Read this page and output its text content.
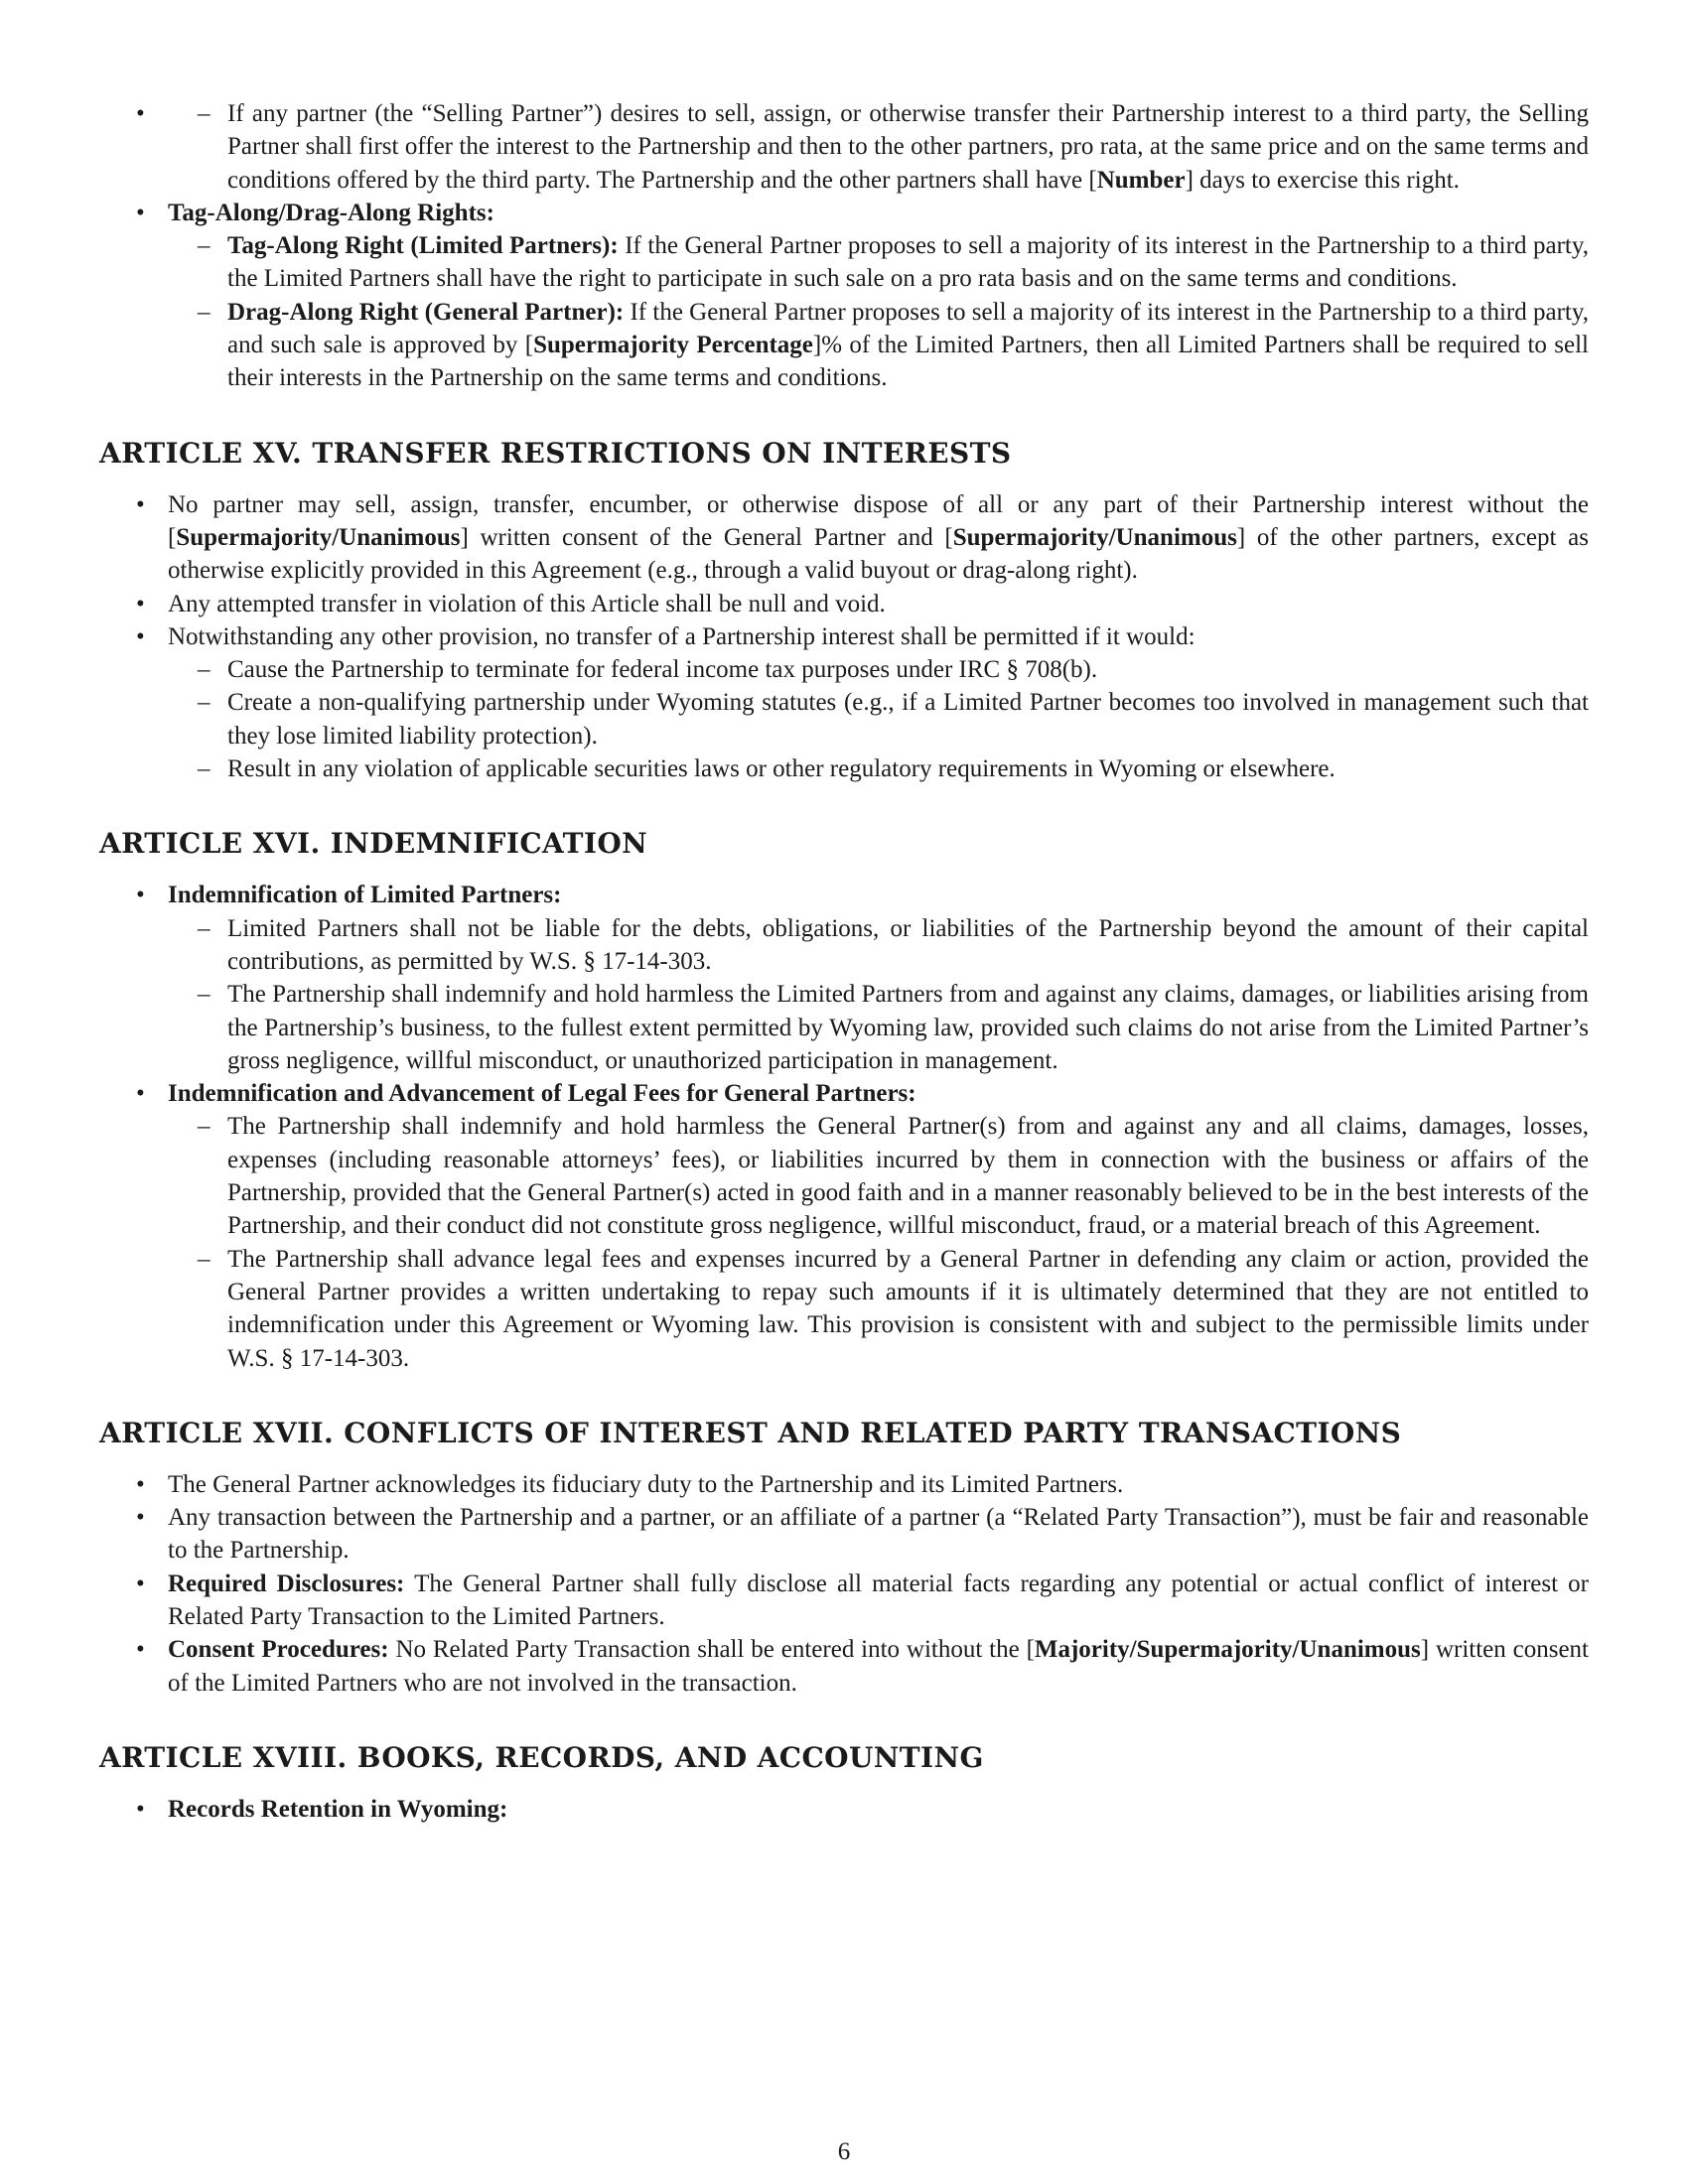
– • If any partner (the “Selling Partner”) desires to sell, assign, or otherwise transfer their Partnership interest to a third party, the Selling Partner shall first offer the interest to the Partnership and then to the other partners, pro rata, at the same price and on the same terms and conditions offered by the third party. The Partnership and the other partners shall have [Number] days to exercise this right.
• Tag-Along/Drag-Along Rights:
– Tag-Along Right (Limited Partners): If the General Partner proposes to sell a majority of its interest in the Partnership to a third party, the Limited Partners shall have the right to participate in such sale on a pro rata basis and on the same terms and conditions.
– Drag-Along Right (General Partner): If the General Partner proposes to sell a majority of its interest in the Partnership to a third party, and such sale is approved by [Supermajority Percentage]% of the Limited Partners, then all Limited Partners shall be required to sell their interests in the Partnership on the same terms and conditions.
ARTICLE XV. TRANSFER RESTRICTIONS ON INTERESTS
• No partner may sell, assign, transfer, encumber, or otherwise dispose of all or any part of their Partnership interest without the [Supermajority/Unanimous] written consent of the General Partner and [Supermajority/Unanimous] of the other partners, except as otherwise explicitly provided in this Agreement (e.g., through a valid buyout or drag-along right).
• Any attempted transfer in violation of this Article shall be null and void.
• Notwithstanding any other provision, no transfer of a Partnership interest shall be permitted if it would:
– Cause the Partnership to terminate for federal income tax purposes under IRC § 708(b).
– Create a non-qualifying partnership under Wyoming statutes (e.g., if a Limited Partner becomes too involved in management such that they lose limited liability protection).
– Result in any violation of applicable securities laws or other regulatory requirements in Wyoming or elsewhere.
ARTICLE XVI. INDEMNIFICATION
• Indemnification of Limited Partners:
– Limited Partners shall not be liable for the debts, obligations, or liabilities of the Partnership beyond the amount of their capital contributions, as permitted by W.S. § 17-14-303.
– The Partnership shall indemnify and hold harmless the Limited Partners from and against any claims, damages, or liabilities arising from the Partnership’s business, to the fullest extent permitted by Wyoming law, provided such claims do not arise from the Limited Partner’s gross negligence, willful misconduct, or unauthorized participation in management.
• Indemnification and Advancement of Legal Fees for General Partners:
– The Partnership shall indemnify and hold harmless the General Partner(s) from and against any and all claims, damages, losses, expenses (including reasonable attorneys’ fees), or liabilities incurred by them in connection with the business or affairs of the Partnership, provided that the General Partner(s) acted in good faith and in a manner reasonably believed to be in the best interests of the Partnership, and their conduct did not constitute gross negligence, willful misconduct, fraud, or a material breach of this Agreement.
– The Partnership shall advance legal fees and expenses incurred by a General Partner in defending any claim or action, provided the General Partner provides a written undertaking to repay such amounts if it is ultimately determined that they are not entitled to indemnification under this Agreement or Wyoming law. This provision is consistent with and subject to the permissible limits under W.S. § 17-14-303.
ARTICLE XVII. CONFLICTS OF INTEREST AND RELATED PARTY TRANSACTIONS
• The General Partner acknowledges its fiduciary duty to the Partnership and its Limited Partners.
• Any transaction between the Partnership and a partner, or an affiliate of a partner (a “Related Party Transaction”), must be fair and reasonable to the Partnership.
• Required Disclosures: The General Partner shall fully disclose all material facts regarding any potential or actual conflict of interest or Related Party Transaction to the Limited Partners.
• Consent Procedures: No Related Party Transaction shall be entered into without the [Majority/Supermajority/Unanimous] written consent of the Limited Partners who are not involved in the transaction.
ARTICLE XVIII. BOOKS, RECORDS, AND ACCOUNTING
• Records Retention in Wyoming:
6
